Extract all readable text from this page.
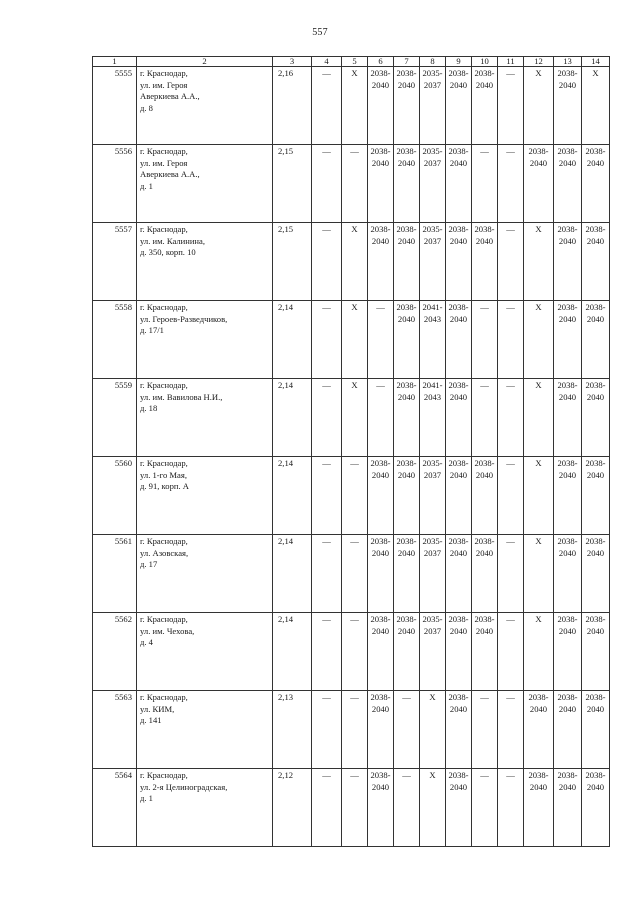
557
1	2	3	4	5	6	7	8	9	10	11	12	13	14
5555	г. Краснодар,
ул. им. Героя
Аверкиева А.А.,
д. 8	2,16	—	X	2038-
2040	2038-
2040	2035-
2037	2038-
2040	2038-
2040	—	X	2038-
2040	X

5556	г. Краснодар,
ул. им. Героя
Аверкиева А.А.,
д. 1	2,15	—	—	2038-
2040	2038-
2040	2035-
2037	2038-
2040	—	—	2038-
2040	2038-
2040	2038-
2040

5557	г. Краснодар,
ул. им. Калинина,
д. 350, корп. 10	2,15	—	X	2038-
2040	2038-
2040	2035-
2037	2038-
2040	2038-
2040	—	X	2038-
2040	2038-
2040

5558	г. Краснодар,
ул. Героев-Разведчиков,
д. 17/1	2,14	—	X	—	2038-
2040	2041-
2043	2038-
2040	—	—	X	2038-
2040	2038-
2040

5559	г. Краснодар,
ул. им. Вавилова Н.И.,
д. 18	2,14	—	X	—	2038-
2040	2041-
2043	2038-
2040	—	—	X	2038-
2040	2038-
2040

5560	г. Краснодар,
ул. 1-го Мая,
д. 91, корп. А	2,14	—	—	2038-
2040	2038-
2040	2035-
2037	2038-
2040	2038-
2040	—	X	2038-
2040	2038-
2040

5561	г. Краснодар,
ул. Азовская,
д. 17	2,14	—	—	2038-
2040	2038-
2040	2035-
2037	2038-
2040	2038-
2040	—	X	2038-
2040	2038-
2040

5562	г. Краснодар,
ул. им. Чехова,
д. 4	2,14	—	—	2038-
2040	2038-
2040	2035-
2037	2038-
2040	2038-
2040	—	X	2038-
2040	2038-
2040

5563	г. Краснодар,
ул. КИМ,
д. 141	2,13	—	—	2038-
2040	—	X	2038-
2040	—	—	2038-
2040	2038-
2040	2038-
2040

5564	г. Краснодар,
ул. 2-я Целиноградская,
д. 1	2,12	—	—	2038-
2040	—	X	2038-
2040	—	—	2038-
2040	2038-
2040	2038-
2040
